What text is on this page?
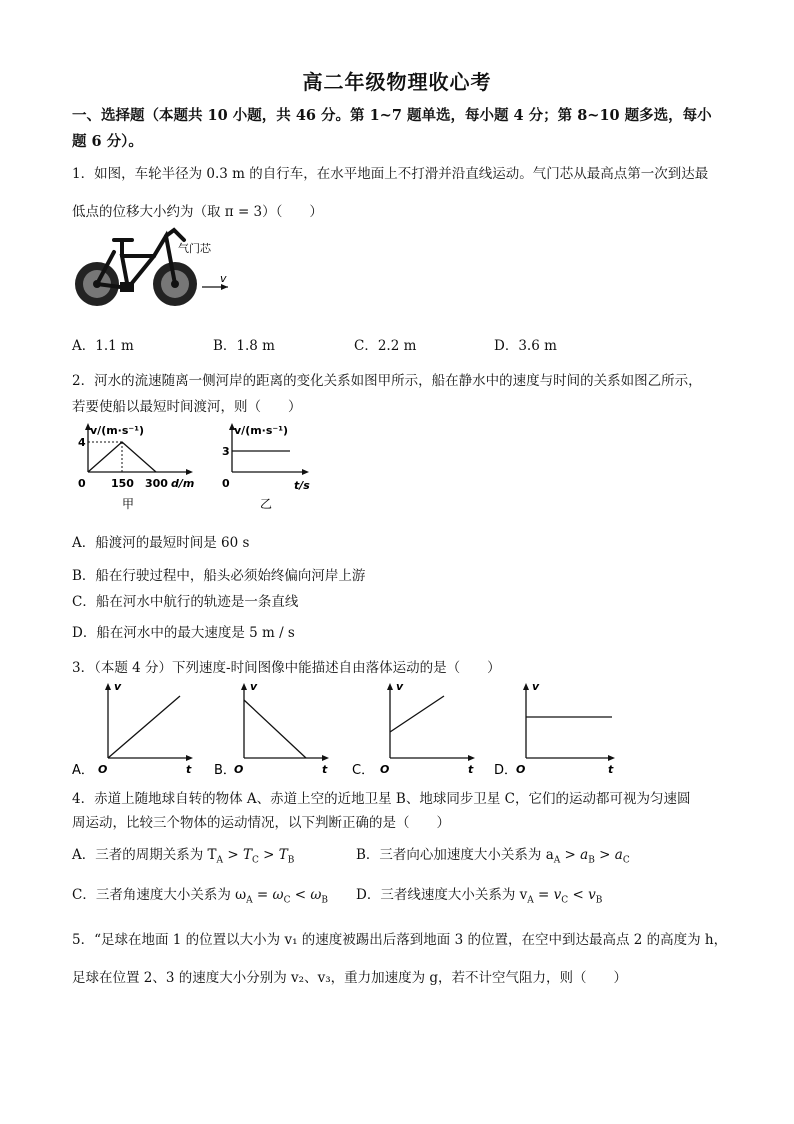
高二年级物理收心考
一、选择题（本题共 10 小题，共 46 分。第 1~7 题单选，每小题 4 分；第 8~10 题多选，每小
题 6 分）。
1．如图，车轮半径为 0.3 m 的自行车，在水平地面上不打滑并沿直线运动。气门芯从最高点第一次到达最
低点的位移大小约为（取 π = 3）（　　）
气门芯
v
A．1.1 m	B．1.8 m	C．2.2 m	D．3.6 m
2．河水的流速随离一侧河岸的距离的变化关系如图甲所示，船在静水中的速度与时间的关系如图乙所示，
若要使船以最短时间渡河，则（　　）
v/(m·s⁻¹)
4
0 150 300 d/m
甲
v/(m·s⁻¹)
3
0	t/s
乙
A．船渡河的最短时间是 60 s
B．船在行驶过程中，船头必须始终偏向河岸上游
C．船在河水中航行的轨迹是一条直线
D．船在河水中的最大速度是 5 m / s
3．（本题 4 分）下列速度-时间图像中能描述自由落体运动的是（　　）
A．
v
t
O	B．
v
t
O	C．
v
t
O	D．
v
t
O
4．赤道上随地球自转的物体 A、赤道上空的近地卫星 B、地球同步卫星 C，它们的运动都可视为匀速圆
周运动，比较三个物体的运动情况，以下判断正确的是（　　）
A．三者的周期关系为 $T_A > T_C > T_B$	B．三者向心加速度大小关系为 $a_A > a_B > a_C$
C．三者角速度大小关系为 $\omega_A = \omega_C < \omega_B$ D．三者线速度大小关系为 $v_A = v_C < v_B$
5．“足球在地面 1 的位置以大小为 v₁ 的速度被踢出后落到地面 3 的位置，在空中到达最高点 2 的高度为 h，
足球在位置 2、3 的速度大小分别为 v₂、v₃，重力加速度为 g，若不计空气阻力，则（　　）
